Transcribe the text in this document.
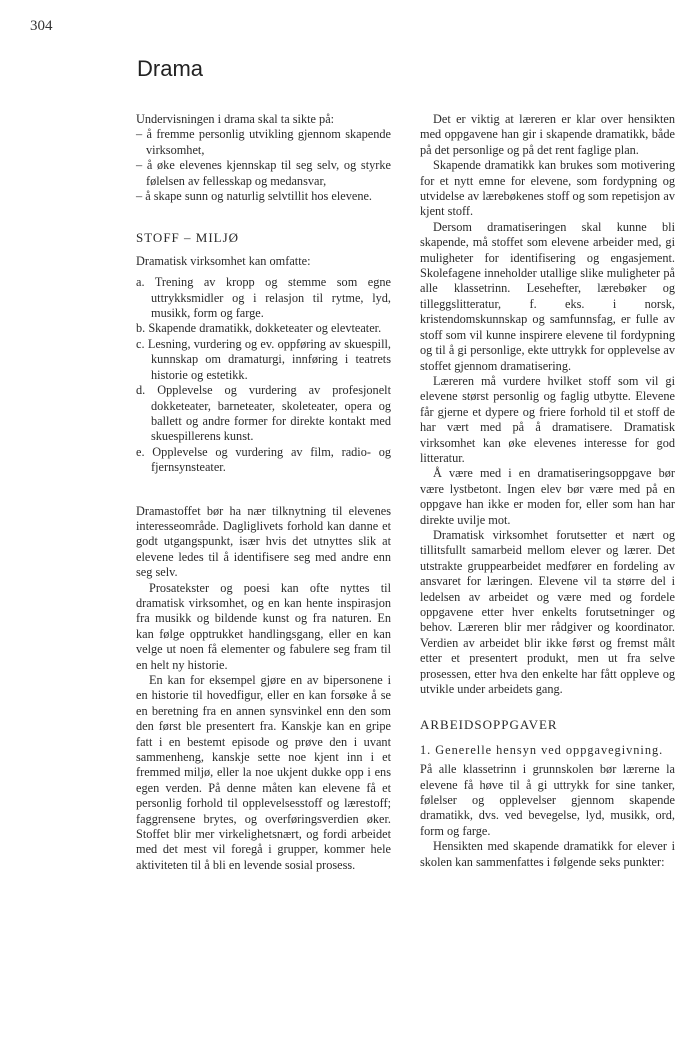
304
Drama

Undervisningen i drama skal ta sikte på:

– å fremme personlig utvikling gjennom skapende virksomhet,
– å øke elevenes kjennskap til seg selv, og styrke følelsen av fellesskap og medansvar,
– å skape sunn og naturlig selvtillit hos elevene.
STOFF – MILJØ

Dramatisk virksomhet kan omfatte:

a. Trening av kropp og stemme som egne uttrykksmidler og i relasjon til rytme, lyd, musikk, form og farge.
b. Skapende dramatikk, dokketeater og elevteater.
c. Lesning, vurdering og ev. oppføring av skuespill, kunnskap om dramaturgi, innføring i teatrets historie og estetikk.
d. Opplevelse og vurdering av profesjonelt dokketeater, barneteater, skoleteater, opera og ballett og andre former for direkte kontakt med skuespillerens kunst.
e. Opplevelse og vurdering av film, radio- og fjernsynsteater.

Dramastoffet bør ha nær tilknytning til elevenes interesseområde. Dagliglivets forhold kan danne et godt utgangspunkt, især hvis det utnyttes slik at elevene ledes til å identifisere seg med andre enn seg selv.

Prosatekster og poesi kan ofte nyttes til dramatisk virksomhet, og en kan hente inspirasjon fra musikk og bildende kunst og fra naturen. En kan følge opptrukket handlingsgang, eller en kan velge ut noen få elementer og fabulere seg fram til en helt ny historie.

En kan for eksempel gjøre en av bipersonene i en historie til hovedfigur, eller en kan forsøke å se en beretning fra en annen synsvinkel enn den som den først ble presentert fra. Kanskje kan en gripe fatt i en bestemt episode og prøve den i uvant sammenheng, kanskje sette noe kjent inn i et fremmed miljø, eller la noe ukjent dukke opp i ens egen verden. På denne måten kan elevene få et personlig forhold til opplevelsesstoff og lærestoff; faggrensene brytes, og overføringsverdien øker. Stoffet blir mer virkelighetsnært, og fordi arbeidet med det mest vil foregå i grupper, kommer hele aktiviteten til å bli en levende sosial prosess.

Det er viktig at læreren er klar over hensikten med oppgavene han gir i skapende dramatikk, både på det personlige og på det rent faglige plan.

Skapende dramatikk kan brukes som motivering for et nytt emne for elevene, som fordypning og utvidelse av lærebøkenes stoff og som repetisjon av kjent stoff.

Dersom dramatiseringen skal kunne bli skapende, må stoffet som elevene arbeider med, gi muligheter for identifisering og engasjement. Skolefagene inneholder utallige slike muligheter på alle klassetrinn. Lesehefter, lærebøker og tilleggslitteratur, f. eks. i norsk, kristendomskunnskap og samfunnsfag, er fulle av stoff som vil kunne inspirere elevene til fordypning og til å gi personlige, ekte uttrykk for opplevelse av stoffet gjennom dramatisering.

Læreren må vurdere hvilket stoff som vil gi elevene størst personlig og faglig utbytte. Elevene får gjerne et dypere og friere forhold til et stoff de har vært med på å dramatisere. Dramatisk virksomhet kan øke elevenes interesse for god litteratur.

Å være med i en dramatiseringsoppgave bør være lystbetont. Ingen elev bør være med på en oppgave han ikke er moden for, eller som han har direkte uvilje mot.

Dramatisk virksomhet forutsetter et nært og tillitsfullt samarbeid mellom elever og lærer. Det utstrakte gruppearbeidet medfører en fordeling av ansvaret for læringen. Elevene vil ta større del i ledelsen av arbeidet og være med og fordele oppgavene etter hver enkelts forutsetninger og behov. Læreren blir mer rådgiver og koordinator. Verdien av arbeidet blir ikke først og fremst målt etter et presentert produkt, men ut fra selve prosessen, etter hva den enkelte har fått oppleve og utvikle under arbeidets gang.

ARBEIDSOPPGAVER
1. Generelle hensyn ved oppgavegivning.

På alle klassetrinn i grunnskolen bør lærerne la elevene få høve til å gi uttrykk for sine tanker, følelser og opplevelser gjennom skapende dramatikk, dvs. ved bevegelse, lyd, musikk, ord, form og farge.

Hensikten med skapende dramatikk for elever i skolen kan sammenfattes i følgende seks punkter:
